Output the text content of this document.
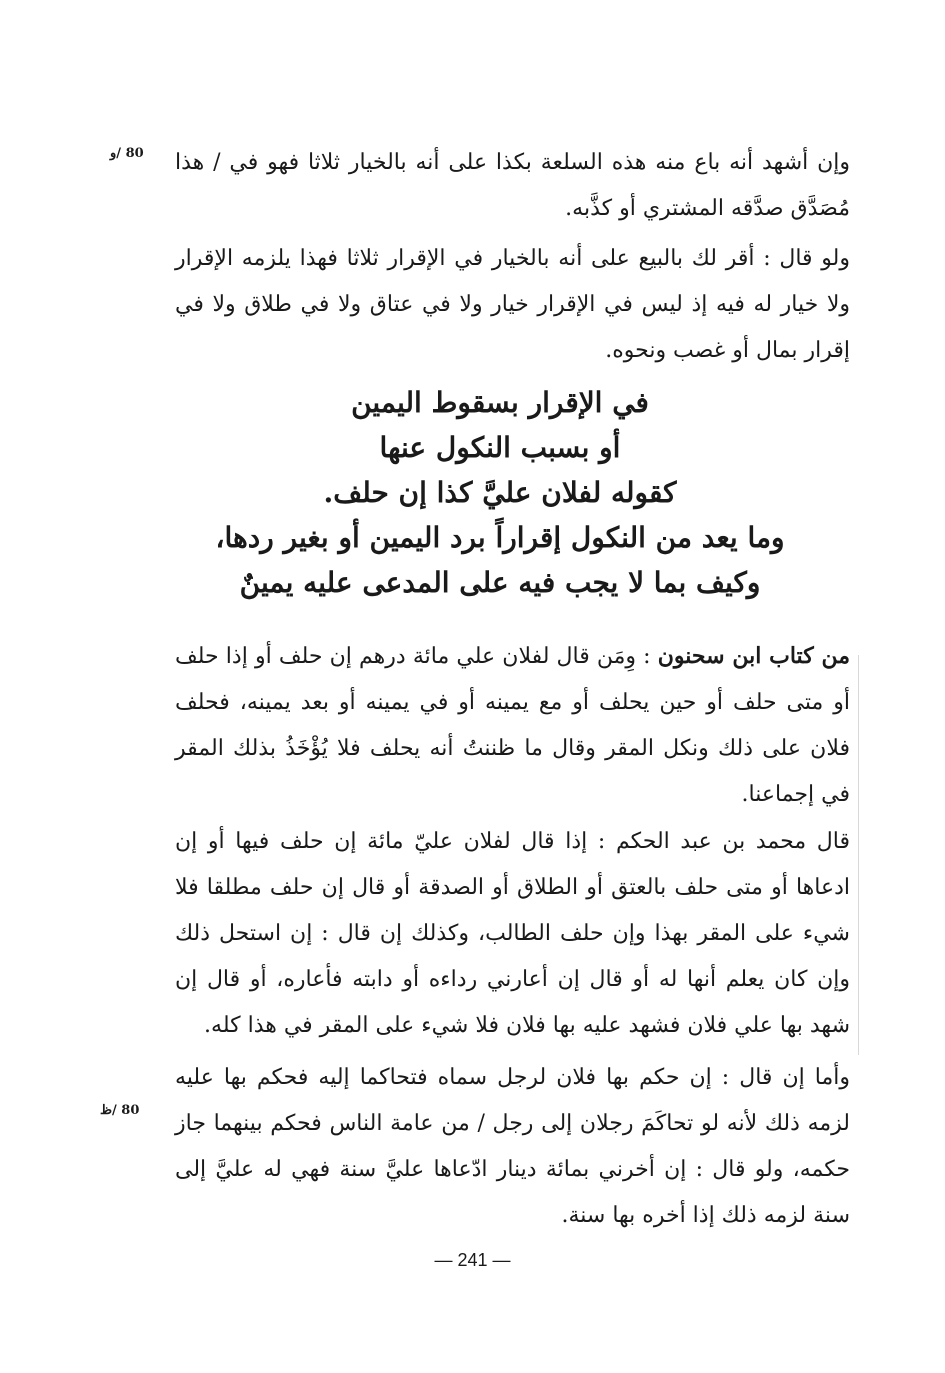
80 /و وإن أشهد أنه باع منه هذه السلعة بكذا على أنه بالخيار ثلاثا فهو في / هذا مُصَدَّق صدَّقه المشتري أو كذَّبه.

ولو قال : أقر لك بالبيع على أنه بالخيار في الإقرار ثلاثا فهذا يلزمه الإقرار ولا خيار له فيه إذ ليس في الإقرار خيار ولا في عتاق ولا في طلاق ولا في إقرار بمال أو غصب ونحوه.

في الإقرار بسقوط اليمين
أو بسبب النكول عنها
كقوله لفلان عليَّ كذا إن حلف.
وما يعد من النكول إقراراً برد اليمين أو بغير ردها،
وكيف بما لا يجب فيه على المدعى عليه يمينٌ

من كتاب ابن سحنون : وِمَن قال لفلان علي مائة درهم إن حلف أو إذا حلف أو متى حلف أو حين يحلف أو مع يمينه أو في يمينه أو بعد يمينه، فحلف فلان على ذلك ونكل المقر وقال ما ظننتُ أنه يحلف فلا يُؤْخَذُ بذلك المقر في إجماعنا.

قال محمد بن عبد الحكم : إذا قال لفلان عليّ مائة إن حلف فيها أو إن ادعاها أو متى حلف بالعتق أو الطلاق أو الصدقة أو قال إن حلف مطلقا فلا شيء على المقر بهذا وإن حلف الطالب، وكذلك إن قال : إن استحل ذلك وإن كان يعلم أنها له أو قال إن أعارني رداءه أو دابته فأعاره، أو قال إن شهد بها علي فلان فشهد عليه بها فلان فلا شيء على المقر في هذا كله.

80 /ظ

وأما إن قال : إن حكم بها فلان لرجل سماه فتحاكما إليه فحكم بها عليه لزمه ذلك لأنه لو تحاكَمَ رجلان إلى رجل / من عامة الناس فحكم بينهما جاز حكمه، ولو قال : إن أخرني بمائة دينار ادّعاها عليَّ سنة فهي له عليَّ إلى سنة لزمه ذلك إذا أخره بها سنة.

— 241 —
